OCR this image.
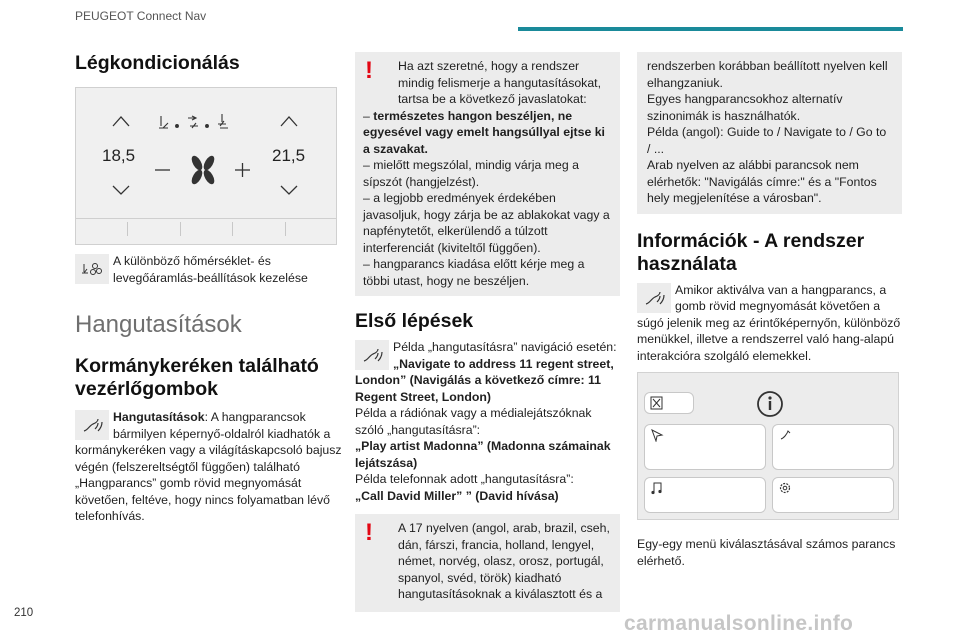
PEUGEOT Connect Nav
Légkondicionálás
18,5	21,5
A különböző hőmérséklet- és levegőáramlás-beállítások kezelése
Hangutasítások
Kormánykeréken található vezérlőgombok
Hangutasítások: A hangparancsok bármilyen képernyő-oldalról kiadhatók a kormánykeréken vagy a világításkapcsoló bajusz végén (felszereltségtől függően) található „Hangparancs” gomb rövid megnyomását követően, feltéve, hogy nincs folyamatban lévő telefonhívás.
!	Ha azt szeretné, hogy a rendszer mindig felismerje a hangutasításokat, tartsa be a következő javaslatokat:
– természetes hangon beszéljen, ne egyesével vagy emelt hangsúllyal ejtse ki a szavakat.
– mielőtt megszólal, mindig várja meg a sípszót (hangjelzést).
– a legjobb eredmények érdekében javasoljuk, hogy zárja be az ablakokat vagy a napfénytetőt, elkerülendő a túlzott interferenciát (kiviteltől függően).
– hangparancs kiadása előtt kérje meg a többi utast, hogy ne beszéljen.
Első lépések
Példa „hangutasításra” navigáció esetén: „Navigate to address 11 regent street, London” (Navigálás a következő címre: 11 Regent Street, London)
Példa a rádiónak vagy a médialejátszóknak szóló „hangutasításra”:
„Play artist Madonna” (Madonna számainak lejátszása)
Példa telefonnak adott „hangutasításra”:
„Call David Miller” ” (David hívása)
!	A 17 nyelven (angol, arab, brazil, cseh, dán, fárszi, francia, holland, lengyel, német, norvég, olasz, orosz, portugál, spanyol, svéd, török) kiadható hangutasításoknak a kiválasztott és a
rendszerben korábban beállított nyelven kell elhangzaniuk.
Egyes hangparancsokhoz alternatív szinonimák is használhatók.
Példa (angol): Guide to / Navigate to / Go to / ...
Arab nyelven az alábbi parancsok nem elérhetők: "Navigálás címre:" és a "Fontos hely megjelenítése a városban".
Információk - A rendszer használata
Amikor aktiválva van a hangparancs, a gomb rövid megnyomását követően a súgó jelenik meg az érintőképernyőn, különböző menükkel, illetve a rendszerrel való hang-alapú interakcióra szolgáló elemekkel.
Egy-egy menü kiválasztásával számos parancs elérhető.
210	carmanualsonline.info
